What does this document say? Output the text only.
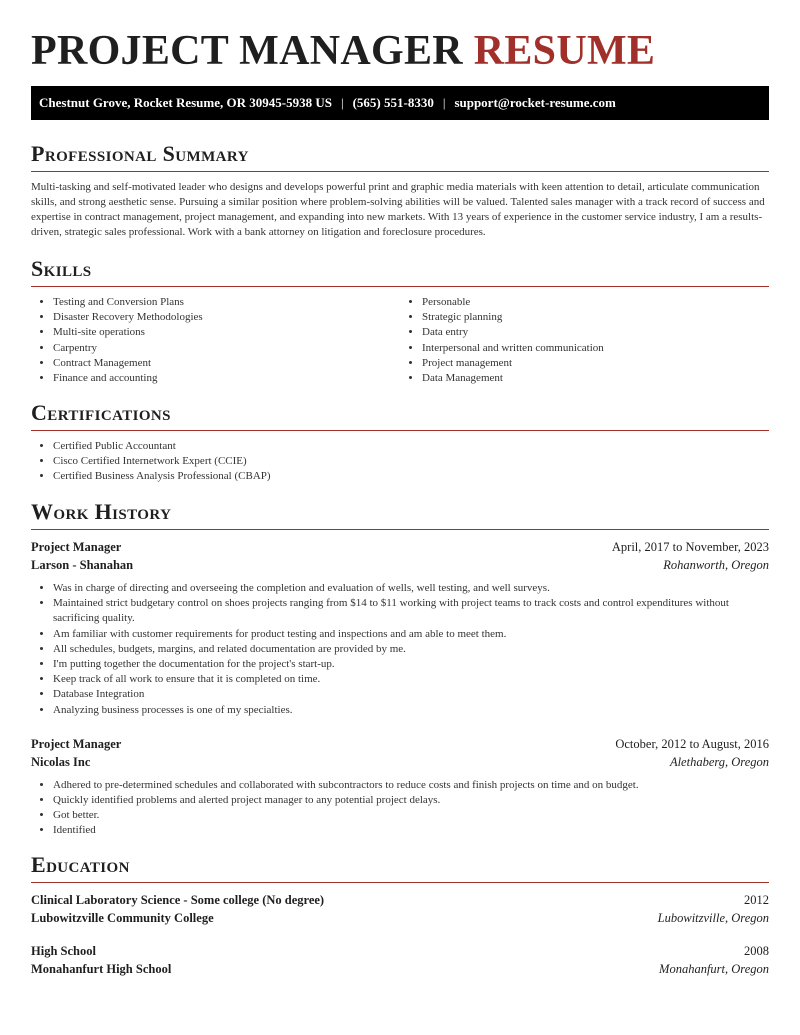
PROJECT MANAGER RESUME
Chestnut Grove, Rocket Resume, OR 30945-5938 US | (565) 551-8330 | support@rocket-resume.com
Professional Summary

Multi-tasking and self-motivated leader who designs and develops powerful print and graphic media materials with keen attention to detail, articulate communication skills, and strong aesthetic sense. Pursuing a similar position where problem-solving abilities will be valued. Talented sales manager with a track record of success and expertise in contract management, project management, and expanding into new markets. With 13 years of experience in the customer service industry, I am a results-driven, strategic sales professional. Work with a bank attorney on litigation and foreclosure procedures.

Skills
• Testing and Conversion Plans
• Disaster Recovery Methodologies
• Multi-site operations
• Carpentry
• Contract Management
• Finance and accounting
• Personable
• Strategic planning
• Data entry
• Interpersonal and written communication
• Project management
• Data Management
Certifications
• Certified Public Accountant
• Cisco Certified Internetwork Expert (CCIE)
• Certified Business Analysis Professional (CBAP)
Work History
Project Manager	April, 2017 to November, 2023
Larson - Shanahan	Rohanworth, Oregon
• Was in charge of directing and overseeing the completion and evaluation of wells, well testing, and well surveys.
• Maintained strict budgetary control on shoes projects ranging from $14 to $11 working with project teams to track costs and control expenditures without sacrificing quality.
• Am familiar with customer requirements for product testing and inspections and am able to meet them.
• All schedules, budgets, margins, and related documentation are provided by me.
• I'm putting together the documentation for the project's start-up.
• Keep track of all work to ensure that it is completed on time.
• Database Integration
• Analyzing business processes is one of my specialties.
Project Manager	October, 2012 to August, 2016
Nicolas Inc	Alethaberg, Oregon
• Adhered to pre-determined schedules and collaborated with subcontractors to reduce costs and finish projects on time and on budget.
• Quickly identified problems and alerted project manager to any potential project delays.
• Got better.
• Identified
Education
Clinical Laboratory Science - Some college (No degree)	2012
Lubowitzville Community College	Lubowitzville, Oregon
High School	2008
Monahanfurt High School	Monahanfurt, Oregon
